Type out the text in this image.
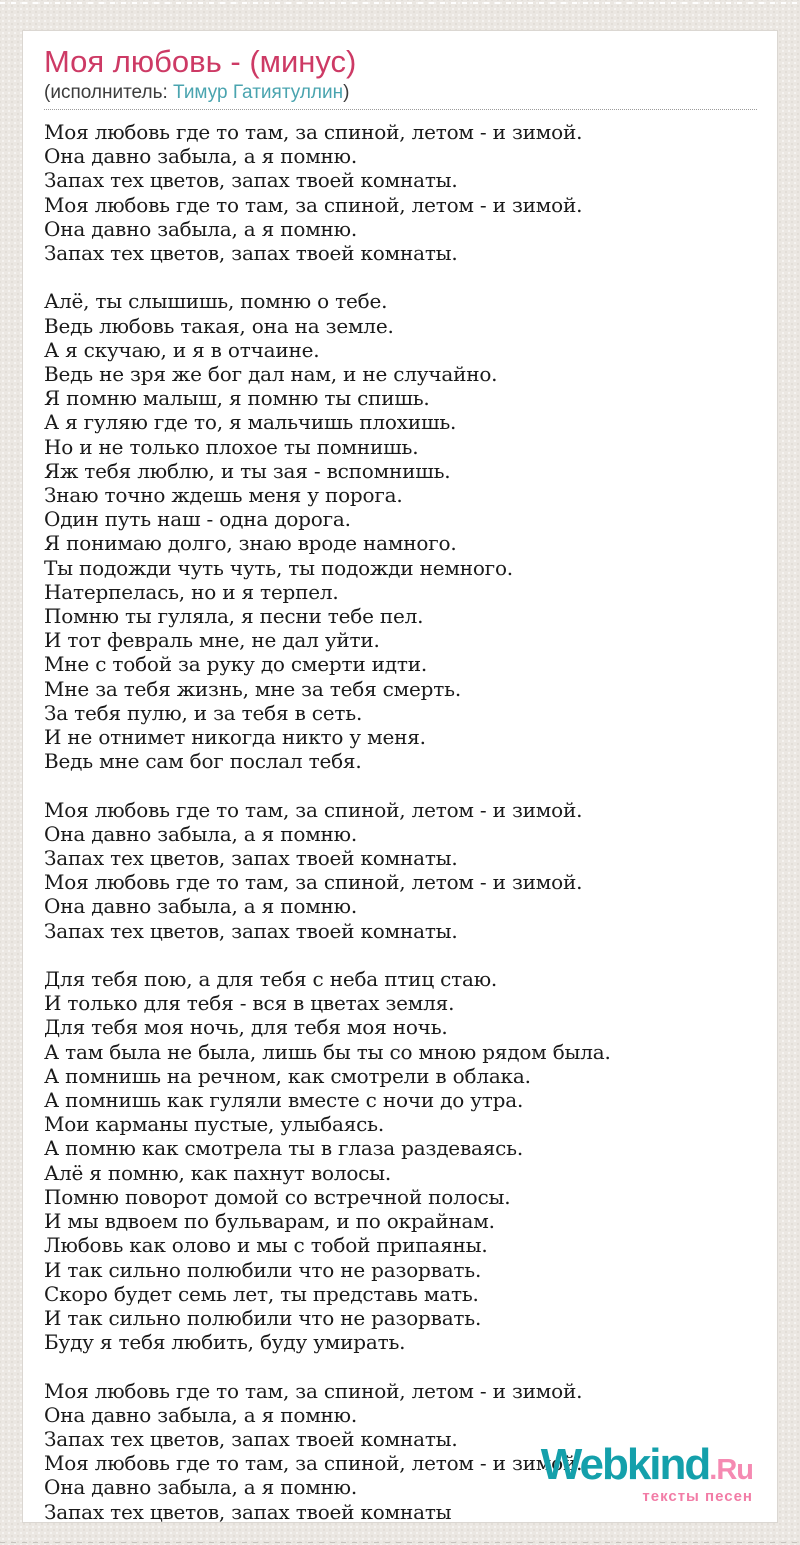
Моя любовь - (минус)
(исполнитель: Тимур Гатиятуллин)
Моя любовь где то там, за спиной, летом - и зимой.
Она давно забыла, а я помню.
Запах тех цветов, запах твоей комнаты.
Моя любовь где то там, за спиной, летом - и зимой.
Она давно забыла, а я помню.
Запах тех цветов, запах твоей комнаты.
Алё, ты слышишь, помню о тебе.
Ведь любовь такая, она на земле.
А я скучаю, и я в отчаине.
Ведь не зря же бог дал нам, и не случайно.
Я помню малыш, я помню ты спишь.
А я гуляю где то, я мальчишь плохишь.
Но и не только плохое ты помнишь.
Яж тебя люблю, и ты зая - вспомнишь.
Знаю точно ждешь меня у порога.
Один путь наш - одна дорога.
Я понимаю долго, знаю вроде намного.
Ты подожди чуть чуть, ты подожди немного.
Натерпелась, но и я терпел.
Помню ты гуляла, я песни тебе пел.
И тот февраль мне, не дал уйти.
Мне с тобой за руку до смерти идти.
Мне за тебя жизнь, мне за тебя смерть.
За тебя пулю, и за тебя в сеть.
И не отнимет никогда никто у меня.
Ведь мне сам бог послал тебя.
Моя любовь где то там, за спиной, летом - и зимой.
Она давно забыла, а я помню.
Запах тех цветов, запах твоей комнаты.
Моя любовь где то там, за спиной, летом - и зимой.
Она давно забыла, а я помню.
Запах тех цветов, запах твоей комнаты.
Для тебя пою, а для тебя с неба птиц стаю.
И только для тебя - вся в цветах земля.
Для тебя моя ночь, для тебя моя ночь.
А там была не была, лишь бы ты со мною рядом была.
А помнишь на речном, как смотрели в облака.
А помнишь как гуляли вместе с ночи до утра.
Мои карманы пустые, улыбаясь.
А помню как смотрела ты в глаза раздеваясь.
Алё я помню, как пахнут волосы.
Помню поворот домой со встречной полосы.
И мы вдвоем по бульварам, и по окрайнам.
Любовь как олово и мы с тобой припаяны.
И так сильно полюбили что не разорвать.
Скоро будет семь лет, ты представь мать.
И так сильно полюбили что не разорвать.
Буду я тебя любить, буду умирать.
Моя любовь где то там, за спиной, летом - и зимой.
Она давно забыла, а я помню.
Запах тех цветов, запах твоей комнаты.
Моя любовь где то там, за спиной, летом - и зимой.
Она давно забыла, а я помню.
Запах тех цветов, запах твоей комнаты
Webkind.Ru
тексты песен
